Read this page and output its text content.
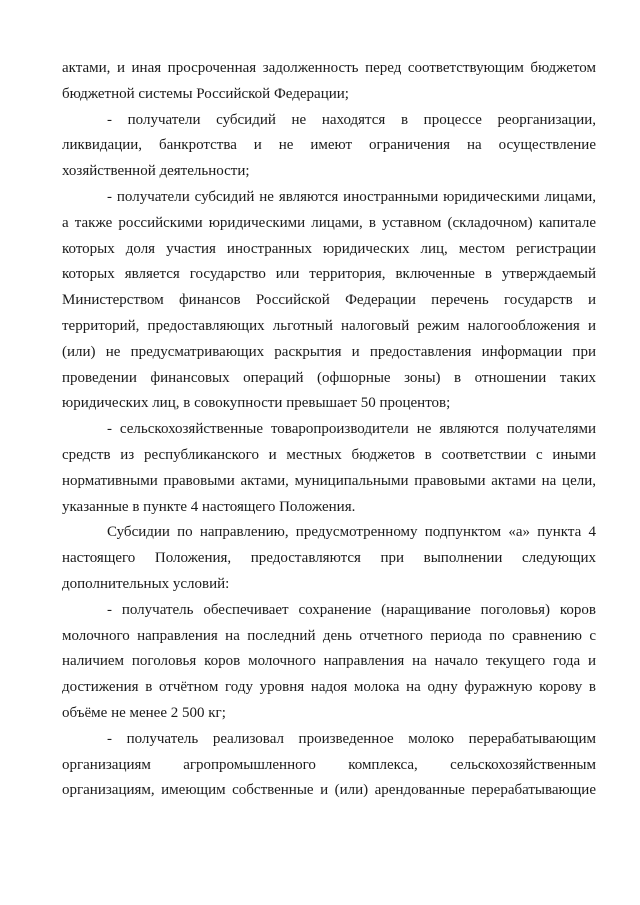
актами, и иная просроченная задолженность перед соответствующим бюджетом бюджетной системы Российской Федерации;

- получатели субсидий не находятся в процессе реорганизации, ликвидации, банкротства и не имеют ограничения на осуществление хозяйственной деятельности;

- получатели субсидий не являются иностранными юридическими лицами, а также российскими юридическими лицами, в уставном (складочном) капитале которых доля участия иностранных юридических лиц, местом регистрации которых является государство или территория, включенные в утверждаемый Министерством финансов Российской Федерации перечень государств и территорий, предоставляющих льготный налоговый режим налогообложения и (или) не предусматривающих раскрытия и предоставления информации при проведении финансовых операций (офшорные зоны) в отношении таких юридических лиц, в совокупности превышает 50 процентов;

- сельскохозяйственные товаропроизводители не являются получателями средств из республиканского и местных бюджетов в соответствии с иными нормативными правовыми актами, муниципальными правовыми актами на цели, указанные в пункте 4 настоящего Положения.

Субсидии по направлению, предусмотренному подпунктом «а» пункта 4 настоящего Положения, предоставляются при выполнении следующих дополнительных условий:

- получатель обеспечивает сохранение (наращивание поголовья) коров молочного направления на последний день отчетного периода по сравнению с наличием поголовья коров молочного направления на начало текущего года и достижения в отчётном году уровня надоя молока на одну фуражную корову в объёме не менее 2 500 кг;

- получатель реализовал произведенное молоко перерабатывающим организациям агропромышленного комплекса, сельскохозяйственным организациям, имеющим собственные и (или) арендованные перерабатывающие
